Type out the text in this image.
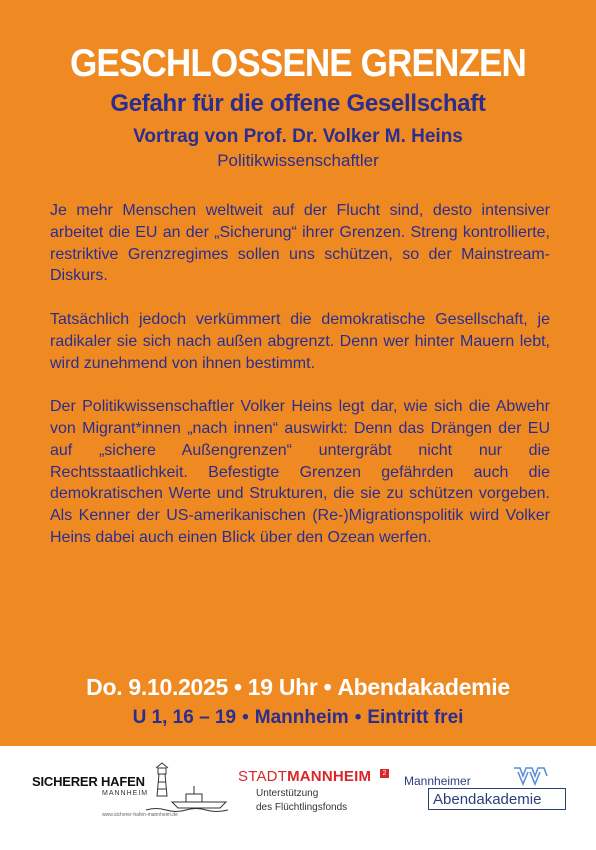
GESCHLOSSENE GRENZEN
Gefahr für die offene Gesellschaft
Vortrag von Prof. Dr. Volker M. Heins
Politikwissenschaftler

Je mehr Menschen weltweit auf der Flucht sind, desto intensiver arbeitet die EU an der „Sicherung“ ihrer Grenzen. Streng kontrollierte, restriktive Grenzregimes sollen uns schützen, so der Mainstream-Diskurs.

Tatsächlich jedoch verkümmert die demokratische Gesellschaft, je radikaler sie sich nach außen abgrenzt. Denn wer hinter Mauern lebt, wird zunehmend von ihnen bestimmt.

Der Politikwissenschaftler Volker Heins legt dar, wie sich die Abwehr von Migrant*innen „nach innen“ auswirkt: Denn das Drängen der EU auf „sichere Außengrenzen“ untergräbt nicht nur die Rechtsstaatlichkeit. Befestigte Grenzen gefährden auch die demokratischen Werte und Strukturen, die sie zu schützen vorgeben. Als Kenner der US-amerikanischen (Re-)Migrationspolitik wird Volker Heins dabei auch einen Blick über den Ozean werfen.

Do. 9.10.2025 • 19 Uhr • Abendakademie
U 1, 16 – 19 • Mannheim • Eintritt frei
SICHERER HAFEN
MANNHEIM
www.sicherer-hafen-mannheim.de
STADTMANNHEIM	2
Unterstützung
des Flüchtlingsfonds
Mannheimer
Abendakademie
